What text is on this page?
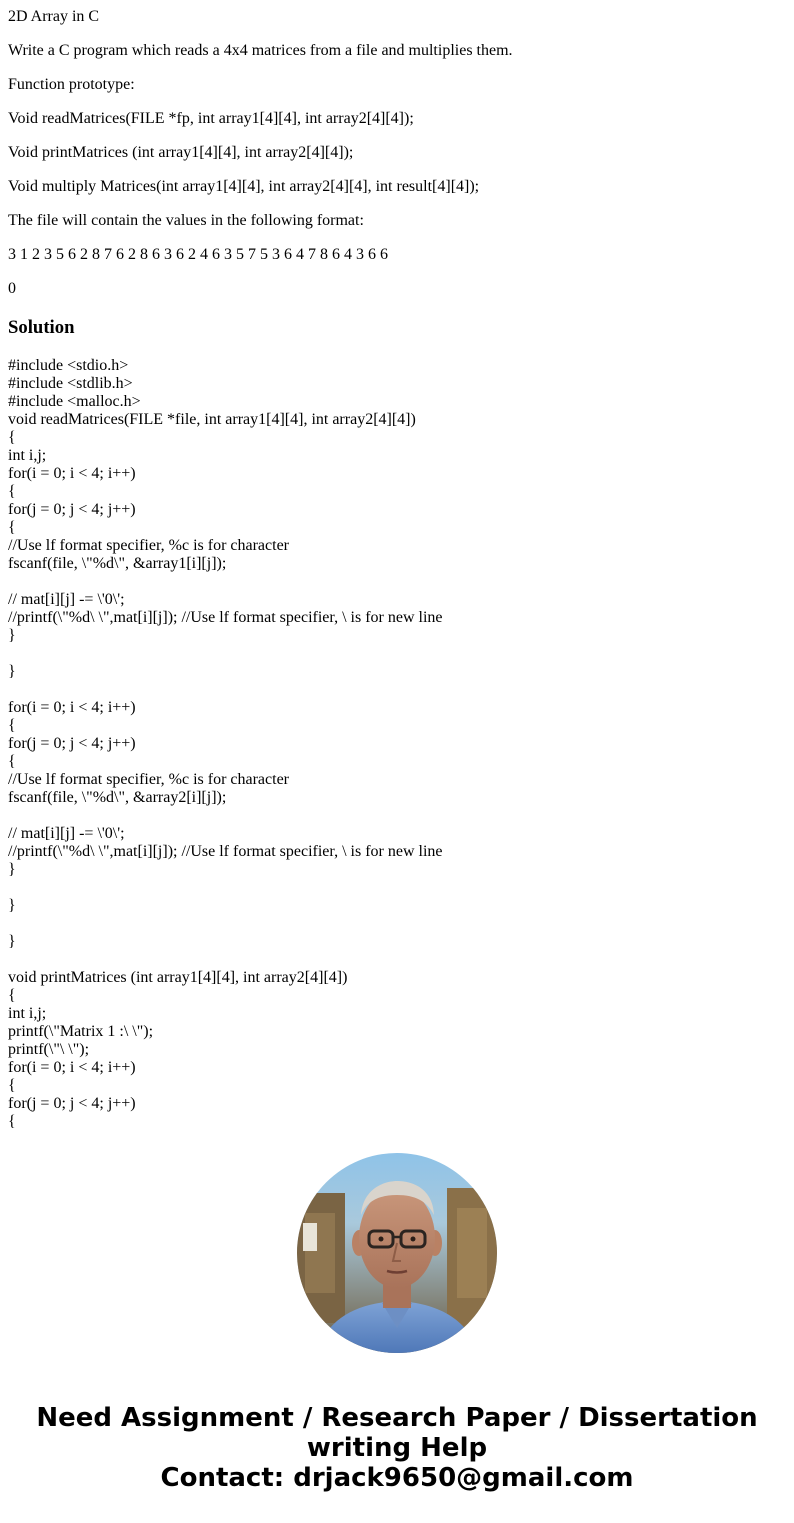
2D Array in C

Write a C program which reads a 4x4 matrices from a file and multiplies them.

Function prototype:

Void readMatrices(FILE *fp, int array1[4][4], int array2[4][4]);

Void printMatrices (int array1[4][4], int array2[4][4]);

Void multiply Matrices(int array1[4][4], int array2[4][4], int result[4][4]);

The file will contain the values in the following format:

3 1 2 3 5 6 2 8 7 6 2 8 6 3 6 2 4 6 3 5 7 5 3 6 4 7 8 6 4 3 6 6

0

Solution
#include <stdio.h>
#include <stdlib.h>
#include <malloc.h>
void readMatrices(FILE *file, int array1[4][4], int array2[4][4])
{
int i,j;
for(i = 0; i < 4; i++)
{
for(j = 0; j < 4; j++)
{
//Use lf format specifier, %c is for character
fscanf(file, \"%d\", &array1[i][j]);

// mat[i][j] -= \'0\';
//printf(\"%d\ \",mat[i][j]); //Use lf format specifier, \ is for new line
}

}

for(i = 0; i < 4; i++)
{
for(j = 0; j < 4; j++)
{
//Use lf format specifier, %c is for character
fscanf(file, \"%d\", &array2[i][j]);

// mat[i][j] -= \'0\';
//printf(\"%d\ \",mat[i][j]); //Use lf format specifier, \ is for new line
}

}

}

void printMatrices (int array1[4][4], int array2[4][4])
{
int i,j;
printf(\"Matrix 1 :\ \");
printf(\"\ \");
for(i = 0; i < 4; i++)
{
for(j = 0; j < 4; j++)
{
Need Assignment / Research Paper / Dissertation
writing Help
Contact: drjack9650@gmail.com
